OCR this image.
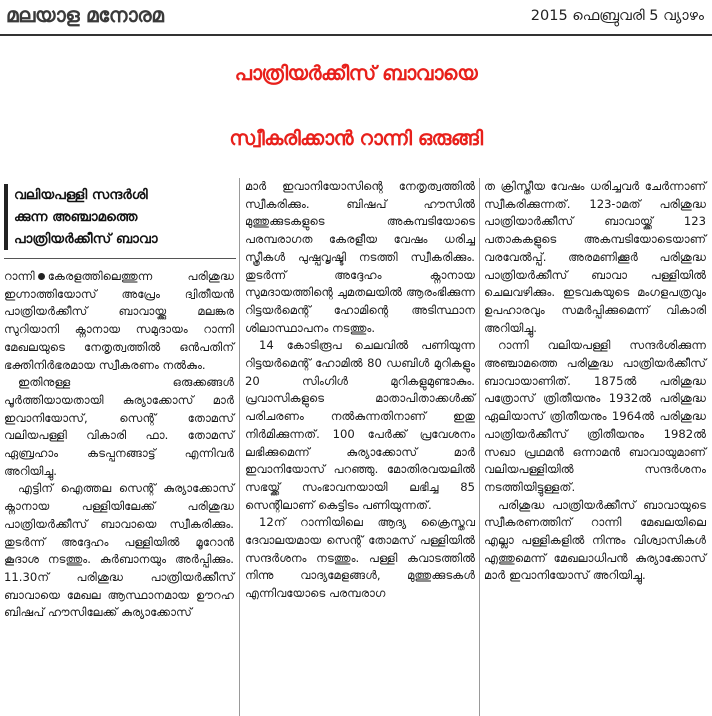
മലയാള മനോരമ	2015 ഫെബ്രുവരി 5 വ്യാഴം
പാത്രിയർക്കീസ് ബാവായെ
സ്വീകരിക്കാൻ റാന്നി ഒരുങ്ങി
വലിയപള്ളി സന്ദർശി
ക്കുന്ന അഞ്ചാമത്തെ
പാത്രിയർക്കീസ് ബാവാ

റാന്നി കേരളത്തിലെത്തുന്ന പരിശുദ്ധ ഇഗ്നാത്തിയോസ് അപ്രേം ദ്വിതീയൻ പാത്രിയർക്കീസ് ബാവായ്ക്കു മലങ്കര സുറിയാനി ക്നാനായ സമുദായം റാന്നി മേഖലയുടെ നേതൃത്വത്തിൽ ഒൻപതിന് ഭക്തിനിർഭരമായ സ്വീകരണം നൽകും.

ഇതിനുള്ള ഒരുക്കങ്ങൾ പൂർത്തിയായതായി കുര്യാക്കോസ് മാർ ഇവാനിയോസ്, സെന്റ് തോമസ് വലിയപള്ളി വികാരി ഫാ. തോമസ് ഏബ്രഹാം കടപ്പനങ്ങാട്ട് എന്നിവർ അറിയിച്ചു.

എട്ടിന് ഐത്തല സെന്റ് കുര്യാക്കോസ് ക്നാനായ പള്ളിയിലേക്ക് പരിശുദ്ധ പാത്രിയർക്കീസ് ബാവായെ സ്വീകരിക്കും. തുടർന്ന് അദ്ദേഹം പള്ളിയിൽ മൂറോൻ കൂദാശ നടത്തും. കുർബാനയും അർപ്പിക്കും. 11.30ന് പരിശുദ്ധ പാത്രിയർക്കീസ് ബാവായെ മേഖല ആസ്ഥാനമായ ഊറഹ ബിഷപ് ഹൗസിലേക്ക് കുര്യാക്കോസ്

മാർ ഇവാനിയോസിന്റെ നേതൃത്വത്തിൽ സ്വീകരിക്കും. ബിഷപ് ഹൗസിൽ മുത്തുക്കുടകളുടെ അകമ്പടിയോടെ പരമ്പരാഗത കേരളീയ വേഷം ധരിച്ച സ്ത്രീകൾ പുഷ്പവൃഷ്ടി നടത്തി സ്വീകരിക്കും. തുടർന്ന് അദ്ദേഹം ക്നാനായ സുമദായത്തിന്റെ ചുമതലയിൽ ആരംഭിക്കുന്ന റിട്ടയർമെന്റ് ഹോമിന്റെ അടിസ്ഥാന ശിലാസ്ഥാപനം നടത്തും.

14 കോടിരൂപ ചെലവിൽ പണിയുന്ന റിട്ടയർമെന്റ് ഹോമിൽ 80 ഡബിൾ മുറികളും 20 സിംഗിൾ മുറികളുമുണ്ടാകും. പ്രവാസികളുടെ മാതാപിതാക്കൾക്ക് പരിചരണം നൽകുന്നതിനാണ് ഇതു നിർമിക്കുന്നത്. 100 പേർക്ക് പ്രവേശനം ലഭിക്കുമെന്ന് കുര്യാക്കോസ് മാർ ഇവാനിയോസ് പറഞ്ഞു. മോതിരവയലിൽ സഭയ്ക്ക് സംഭാവനയായി ലഭിച്ച 85 സെന്റിലാണ് കെട്ടിടം പണിയുന്നത്.

12ന് റാന്നിയിലെ ആദ്യ ക്രൈസ്തവ ദേവാലയമായ സെന്റ് തോമസ് പള്ളിയിൽ സന്ദർശനം നടത്തും. പള്ളി കവാടത്തിൽ നിന്നു വാദ്യമേളങ്ങൾ, മുത്തുക്കുടകൾ എന്നിവയോടെ പരമ്പരാഗ

ത ക്രിസ്തീയ വേഷം ധരിച്ചവർ ചേർന്നാണ് സ്വീകരിക്കുന്നത്. 123-ാമത് പരിശുദ്ധ പാത്രിയാർക്കീസ് ബാവായ്ക്ക് 123 പതാകകളുടെ അകമ്പടിയോടെയാണ് വരവേൽപ്പ്. അരമണിക്കൂർ പരിശുദ്ധ പാത്രിയർക്കീസ് ബാവാ പള്ളിയിൽ ചെലവഴിക്കും. ഇടവകയുടെ മംഗളപത്രവും ഉപഹാരവും സമർപ്പിക്കുമെന്ന് വികാരി അറിയിച്ചു.

റാന്നി വലിയപള്ളി സന്ദർശിക്കുന്ന അഞ്ചാമത്തെ പരിശുദ്ധ പാത്രിയർക്കീസ് ബാവായാണിത്. 1875ൽ പരിശുദ്ധ പത്രോസ് ത്രിതീയനും 1932ൽ പരിശുദ്ധ ഏലിയാസ് ത്രിതീയനും 1964ൽ പരിശുദ്ധ പാത്രിയർക്കീസ് ത്രിതീയനും 1982ൽ സഖാ പ്രഥമൻ ഒന്നാമൻ ബാവായുമാണ് വലിയപള്ളിയിൽ സന്ദർശനം നടത്തിയിട്ടുള്ളത്.

പരിശുദ്ധ പാത്രിയർക്കീസ് ബാവായുടെ സ്വീകരണത്തിന് റാന്നി മേഖലയിലെ എല്ലാ പള്ളികളിൽ നിന്നും വിശ്വാസികൾ എത്തുമെന്ന് മേഖലാധിപൻ കുര്യാക്കോസ് മാർ ഇവാനിയോസ് അറിയിച്ചു.
